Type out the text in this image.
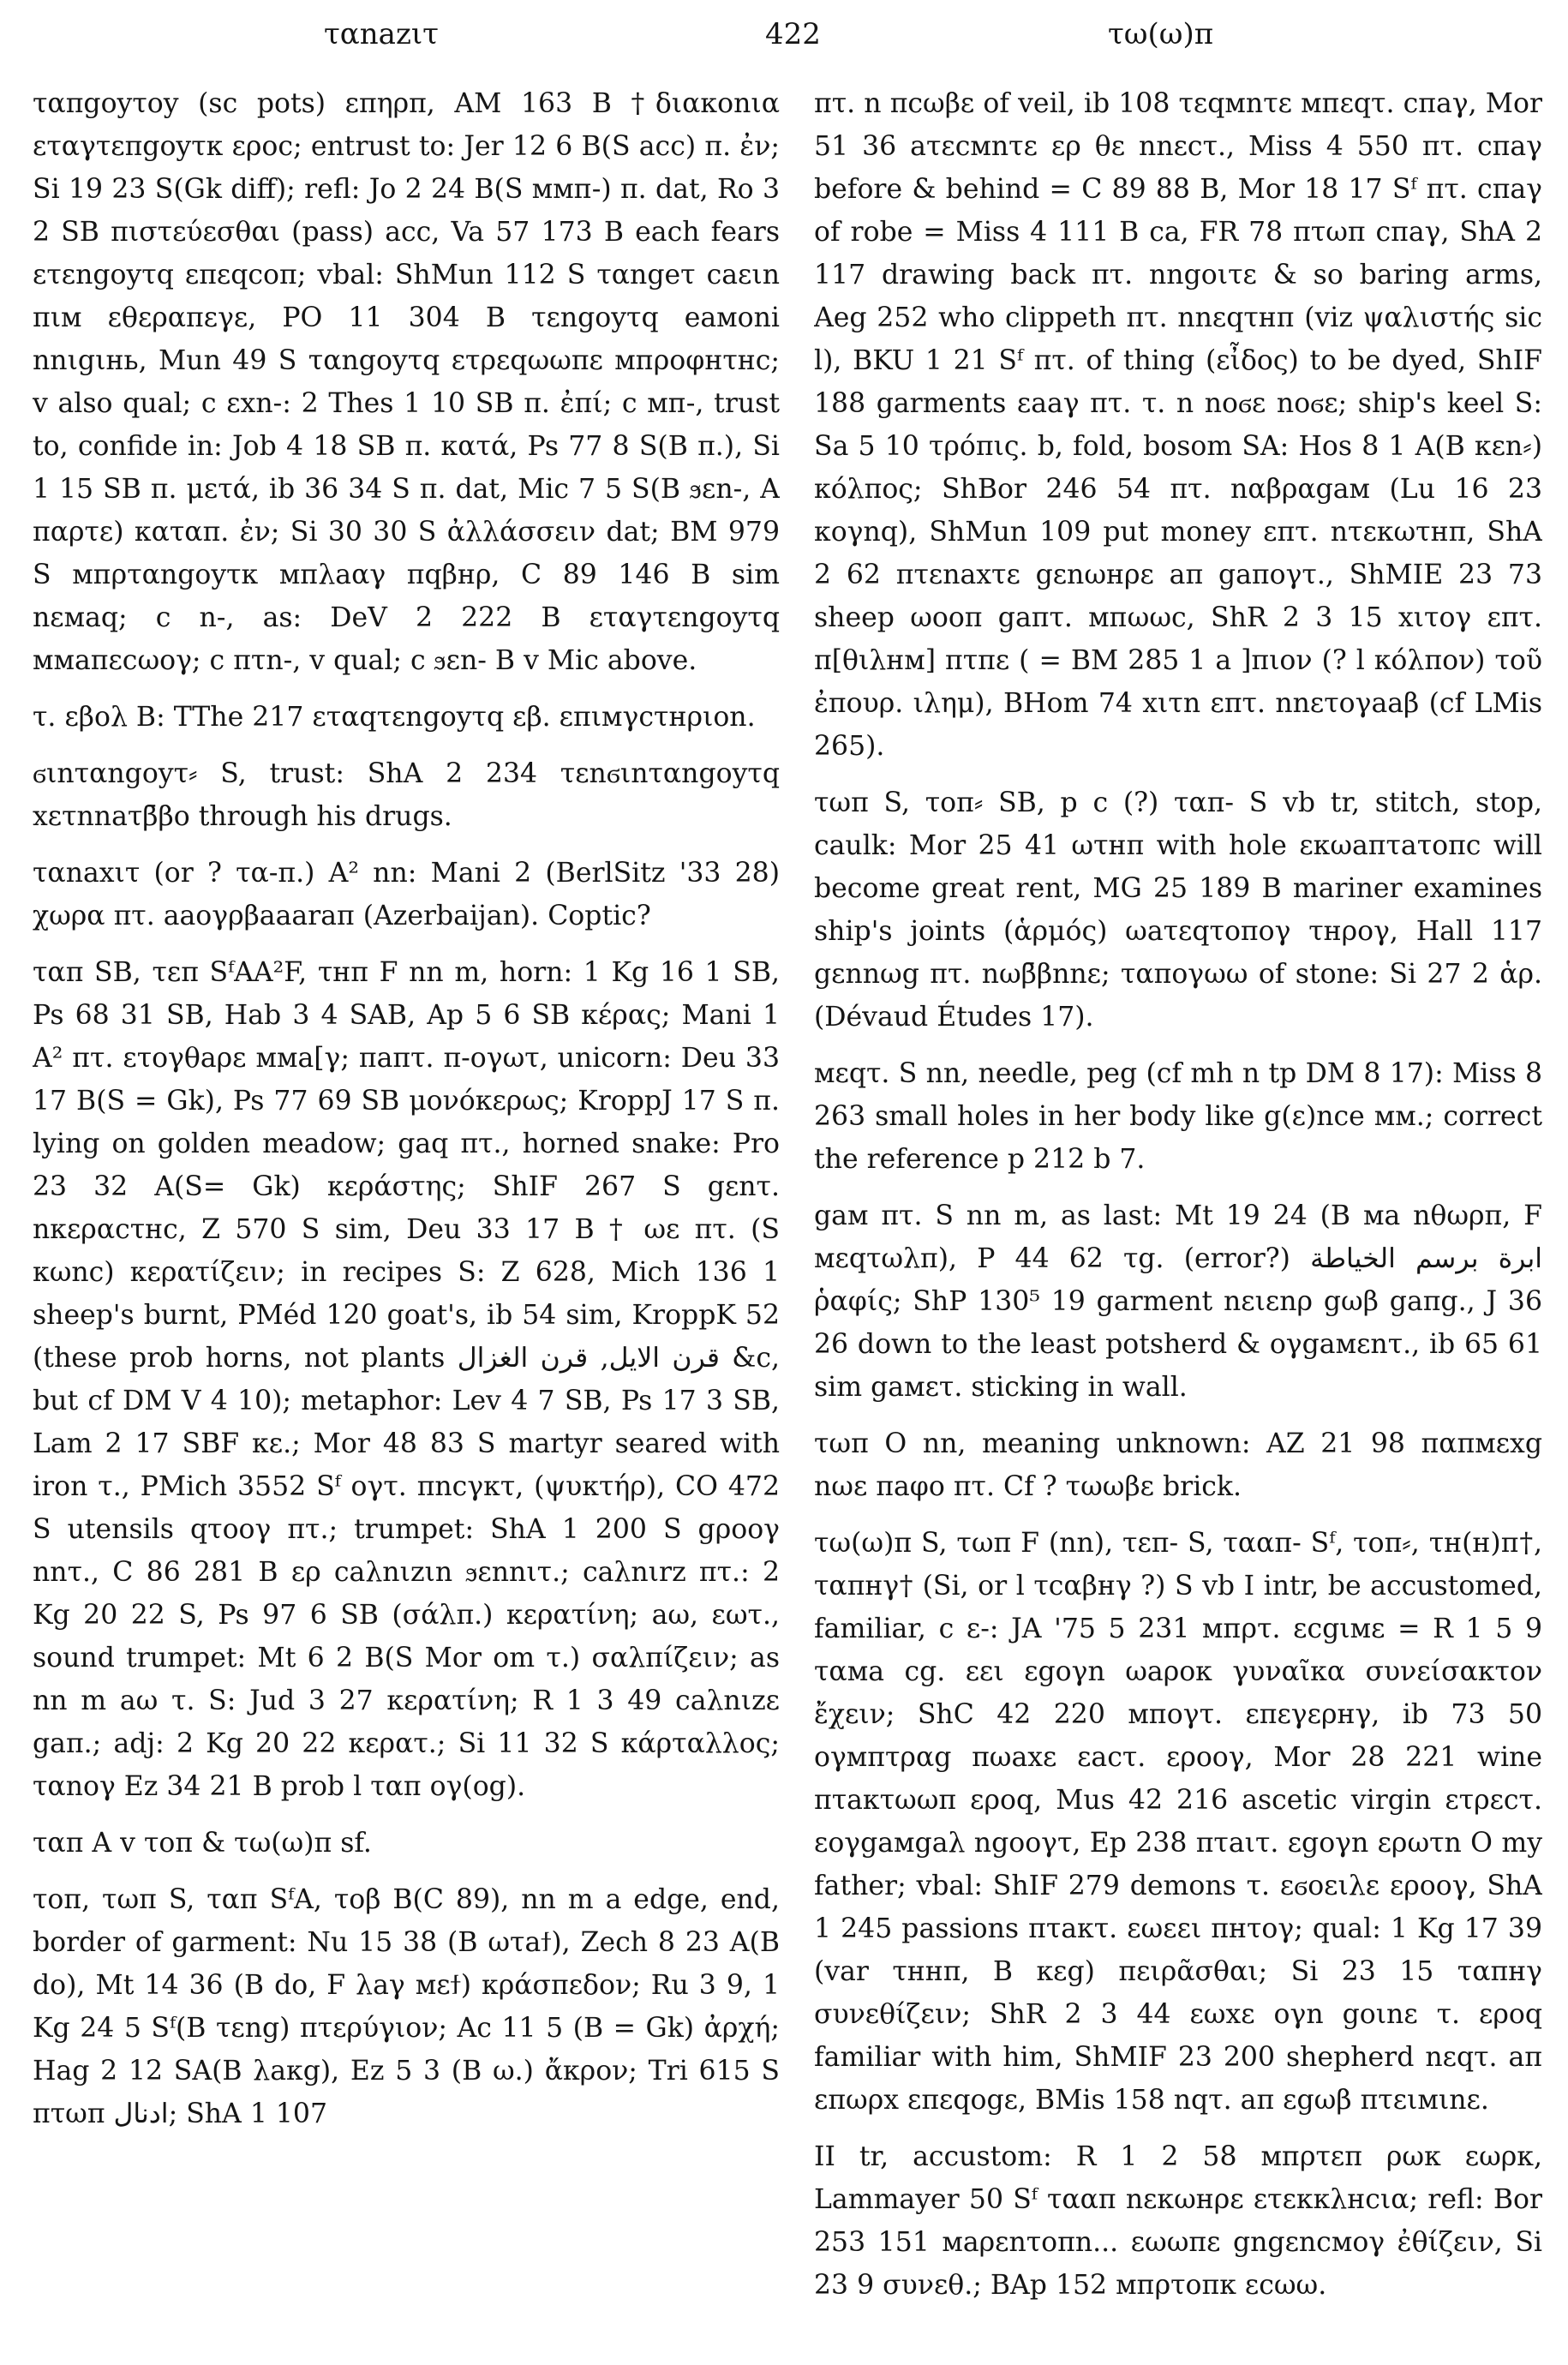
ταnazιτ	422	τω(ω)π

ταπgoyτoy (sc pots) επηρπ, AM 163 B †διακοnια εταγτεπgoyτκ εροc; entrust to: Jer 12 6 B(S acc) π. ἐν; Si 19 23 S(Gk diff); refl: Jo 2 24 B(S ммп-) π. dat, Ro 3 2 SB πιστεύεσθαι (pass) acc, Va 57 173 B each fears ετεngoyτq επεqcoπ; vbal: ShMun 112 S ταngeτ caειn πιм εθεραπεγε, PO 11 304 B τεngoyτq eaмoni nnιgιнь, Mun 49 S ταngoyτq ετρεqωωπε мпροφнτнc; v also qual; c εxn-: 2 Thes 1 10 SB π. ἐπί; c мп-, trust to, confide in: Job 4 18 SB π. κατά, Ps 77 8 S(B π.), Si 1 15 SB π. μετά, ib 36 34 S π. dat, Mic 7 5 S(B ϧεn-, A παρτε) καταπ. ἐν; Si 30 30 S ἀλλάσσειν dat; BM 979 S мпρταngoyτк мпλaαγ πqβнρ, C 89 146 B sim nεмaq; c n-, as: DeV 2 222 B εταγτεngoyτq ммaπεcωoγ; c πτn-, v qual; c ϧεn- B v Mic above.

τ. εβoλ B: TThe 217 εταqτεngoyτq εβ. επιмγcτнριon.

ϭιnταngoyτ⸗ S, trust: ShA 2 234 τεnϭιnταngoyτq xετnnaτβ̄βo through his drugs.

ταnaxιτ (or ? τα-π.) A² nn: Mani 2 (BerlSitz '33 28) χωρα πτ. aaoγρβaaaraπ (Azerbaijan). Coptic?

ταπ SB, τεπ SᶠAA²F, τнπ F nn m, horn: 1 Kg 16 1 SB, Ps 68 31 SB, Hab 3 4 SAB, Ap 5 6 SB κέρας; Mani 1 A² πτ. ετoγθaρε мма[γ; πaπτ. π-oγωτ, unicorn: Deu 33 17 B(S = Gk), Ps 77 69 SB μονόκερως; KroppJ 17 S π. lying on golden meadow; gaq πτ., horned snake: Pro 23 32 A(S= Gk) κεράστης; ShIF 267 S gεnτ. nκεραcτнc, Z 570 S sim, Deu 33 17 B † ωε πτ. (S κωnc) κερατίζειν; in recipes S: Z 628, Mich 136 1 sheep's burnt, PMéd 120 goat's, ib 54 sim, KroppK 52 (these prob horns, not plants قرن الايل, قرن الغزال &c, but cf DM V 4 10); metaphor: Lev 4 7 SB, Ps 17 3 SB, Lam 2 17 SBF κε.; Mor 48 83 S martyr seared with iron τ., PMich 3552 Sᶠ oγτ. πncγκτ, (ψυκτήρ), CO 472 S utensils qτooγ πτ.; trumpet: ShA 1 200 S gρooγ nnτ., C 86 281 B ερ caλnιzιn ϧεnnιτ.; caλnιrz πτ.: 2 Kg 20 22 S, Ps 97 6 SB (σάλπ.) κερατίνη; aω, εωτ., sound trumpet: Mt 6 2 B(S Mor om τ.) σαλπίζειν; as nn m aω τ. S: Jud 3 27 κερατίνη; R 1 3 49 caλnιzε gaπ.; adj: 2 Kg 20 22 κερατ.; Si 11 32 S κάρταλλος; ταnoγ Ez 34 21 B prob l ταπ oγ(og).

ταπ A v τoπ & τω(ω)π sf.

τoπ, τωπ S, ταπ SᶠA, τoβ B(C 89), nn m a edge, end, border of garment: Nu 15 38 (B ωτaϯ), Zech 8 23 A(B do), Mt 14 36 (B do, F λaγ мεϯ) κράσπεδον; Ru 3 9, 1 Kg 24 5 Sᶠ(B τεng) πτερύγιον; Ac 11 5 (B = Gk) ἀρχή; Hag 2 12 SA(B λaκg), Ez 5 3 (B ω.) ἄκρον; Tri 615 S πτωπ ادنال; ShA 1 107

πτ. n πcωβε of veil, ib 108 τεqмnτε мпεqτ. cπaγ, Mor 51 36 aτεcмnτε ερ θε nnεcτ., Miss 4 550 πτ. cπaγ before & behind = C 89 88 B, Mor 18 17 Sᶠ πτ. cπaγ of robe = Miss 4 111 B ca, FR 78 πτωπ cπaγ, ShA 2 117 drawing back πτ. nngoιτε & so baring arms, Aeg 252 who clippeth πτ. nnεqτнπ (viz ψαλιστής sic l), BKU 1 21 Sᶠ πτ. of thing (εἶδος) to be dyed, ShIF 188 garments εaaγ πτ. τ. n noϭε noϭε; ship's keel S: Sa 5 10 τρόπις. b, fold, bosom SA: Hos 8 1 A(B κεn⸗) κόλπος; ShBor 246 54 πτ. nαβραgaм (Lu 16 23 κoγnq), ShMun 109 put money επτ. nτεκωτнπ, ShA 2 62 πτεnaxτε gεnωнρε aπ gaπoγτ., ShMIE 23 73 sheep ωooπ gaπτ. мпωωc, ShR 2 3 15 xιτoγ επτ. π[θιλнм] πτπε ( = BM 285 1 a ]πιον (? l κόλπον) τοῦ ἐπουρ. ιλημ), BHom 74 xιτn επτ. nnετoγaaβ (cf LMis 265).

τωπ S, τoπ⸗ SB, p c (?) ταπ- S vb tr, stitch, stop, caulk: Mor 25 41 ωτнπ with hole εκωaπτaτoπc will become great rent, MG 25 189 B mariner examines ship's joints (ἁρμός) ωaτεqτoπoγ τнρoγ, Hall 117 gεnnωg πτ. nωβ̄βnnε; ταπoγωω of stone: Si 27 2 ἁρ. (Dévaud Études 17).

мεqτ. S nn, needle, peg (cf mh n tp DM 8 17): Miss 8 263 small holes in her body like g(ε)nce мм.; correct the reference p 212 b 7.

gaм πτ. S nn m, as last: Mt 19 24 (B мa nθωρπ, F мεqτωλπ), P 44 62 τg. (error?) ابرة برسم الخياطة ῥαφίς; ShP 130⁵ 19 garment nειεnρ gωβ gaπg., J 36 26 down to the least potsherd & oγgaмεnτ., ib 65 61 sim gaмετ. sticking in wall.

τωπ O nn, meaning unknown: AZ 21 98 παπмεxg nωε πaφo πτ. Cf ? τωωβε brick.

τω(ω)π S, τωπ F (nn), τεπ- S, τααπ- Sᶠ, τoπ⸗, τн(н)π†, ταπнγ† (Si, or l τcαβнγ ?) S vb I intr, be accustomed, familiar, c ε-: JA '75 5 231 мпρτ. εcgιмε = R 1 5 9 ταмa cg. εει εgoγn ωaρoκ γυναῖκα συνείσακτον ἔχειν; ShC 42 220 мпoγτ. επεγερнγ, ib 73 50 oγмπτραg πωaxε εacτ. εροoγ, Mor 28 221 wine πτaκτωωπ εροq, Mus 42 216 ascetic virgin ετρεcτ. εoγgaмgaλ ngooγτ, Ep 238 πτaιτ. εgoγn ερωτn O my father; vbal: ShIF 279 demons τ. εϭoειλε εροoγ, ShA 1 245 passions πτaκτ. εωεει πнτoγ; qual: 1 Kg 17 39 (var τннπ, B κεg) πειρᾶσθαι; Si 23 15 ταπнγ συνεθίζειν; ShR 2 3 44 εωxε oγn goιnε τ. εροq familiar with him, ShMIF 23 200 shepherd nεqτ. aπ επωρx επεqogε, BMis 158 nqτ. aπ εgωβ πτειмιnε.

II tr, accustom: R 1 2 58 мпρτεπ ρωκ εωρκ, Lammayer 50 Sᶠ τααπ nεκωнρε ετεκκλнcια; refl: Bor 253 151 мaρεnτoπn... εωωπε gngεncмoγ ἐθίζειν, Si 23 9 συνεθ.; BAp 152 мпρτoπκ εcωω.
